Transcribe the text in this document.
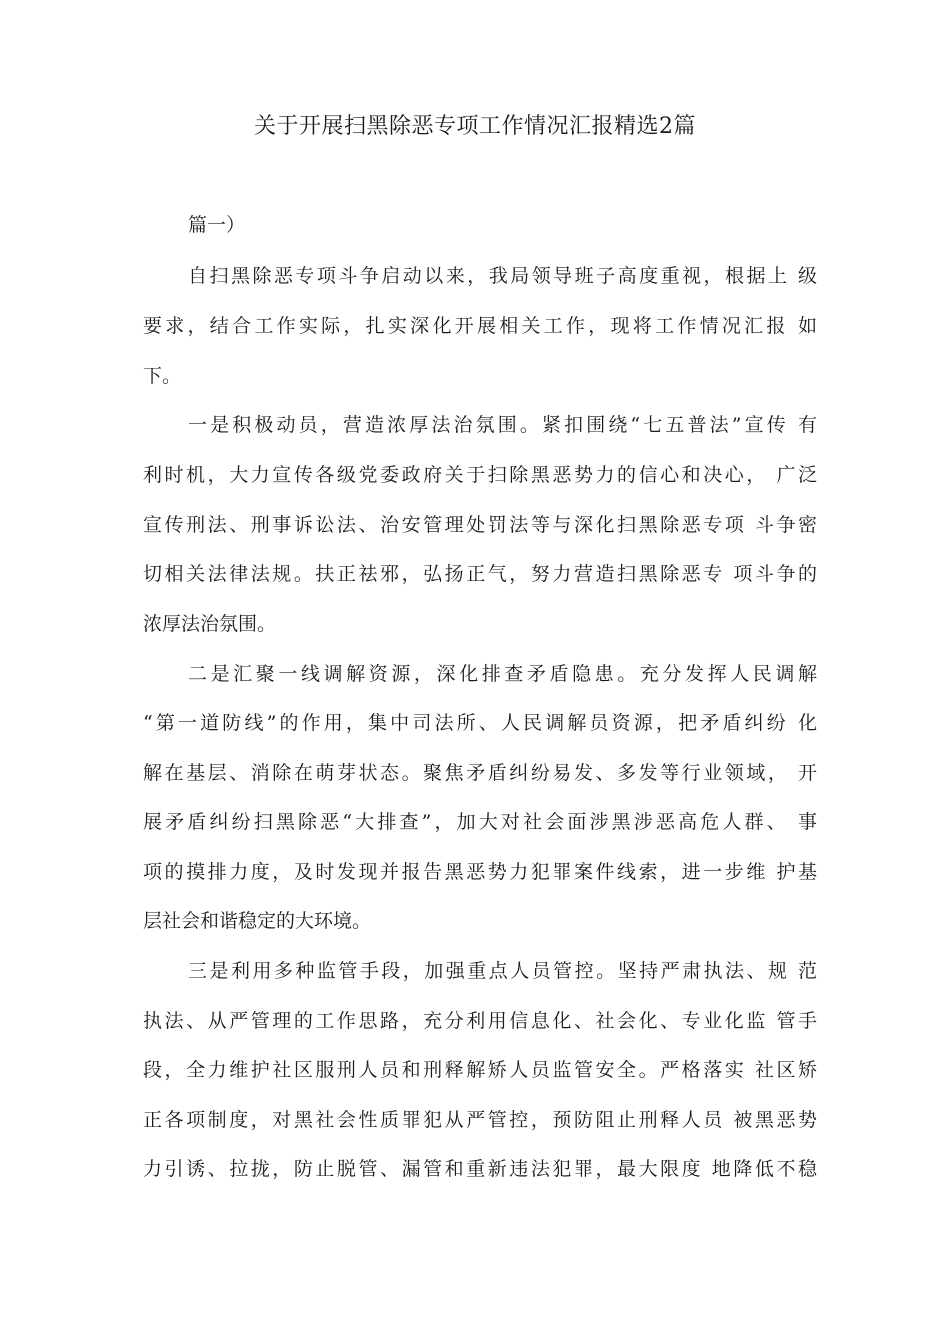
关于开展扫黑除恶专项工作情况汇报精选2篇
篇一）
自扫黑除恶专项斗争启动以来，我局领导班子高度重视，根据上 级
要求，结合工作实际，扎实深化开展相关工作，现将工作情况汇报 如
下。
一是积极动员，营造浓厚法治氛围。紧扣围绕“七五普法”宣传 有
利时机，大力宣传各级党委政府关于扫除黑恶势力的信心和决心， 广泛
宣传刑法、刑事诉讼法、治安管理处罚法等与深化扫黑除恶专项 斗争密
切相关法律法规。扶正祛邪，弘扬正气，努力营造扫黑除恶专 项斗争的
浓厚法治氛围。
二是汇聚一线调解资源，深化排查矛盾隐患。充分发挥人民调解
“第一道防线”的作用，集中司法所、人民调解员资源，把矛盾纠纷 化
解在基层、消除在萌芽状态。聚焦矛盾纠纷易发、多发等行业领域， 开
展矛盾纠纷扫黑除恶“大排查”，加大对社会面涉黑涉恶高危人群、 事
项的摸排力度，及时发现并报告黑恶势力犯罪案件线索，进一步维 护基
层社会和谐稳定的大环境。
三是利用多种监管手段，加强重点人员管控。坚持严肃执法、规 范
执法、从严管理的工作思路，充分利用信息化、社会化、专业化监 管手
段，全力维护社区服刑人员和刑释解矫人员监管安全。严格落实 社区矫
正各项制度，对黑社会性质罪犯从严管控，预防阻止刑释人员 被黑恶势
力引诱、拉拢，防止脱管、漏管和重新违法犯罪，最大限度 地降低不稳
